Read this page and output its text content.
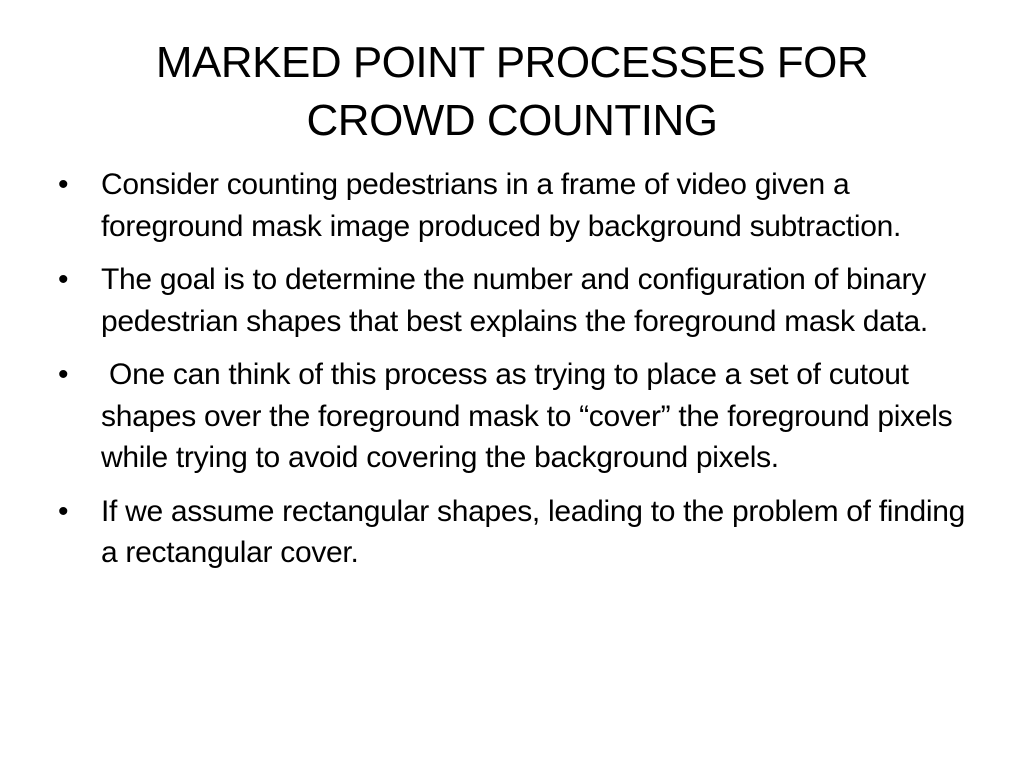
MARKED POINT PROCESSES FOR
CROWD COUNTING
•	Consider counting pedestrians in a frame of video given a foreground mask image produced by background subtraction.
•	The goal is to determine the number and configuration of binary pedestrian shapes that best explains the foreground mask data.
•	One can think of this process as trying to place a set of cutout shapes over the foreground mask to “cover” the foreground pixels while trying to avoid covering the background pixels.
•	If we assume rectangular shapes, leading to the problem of finding a rectangular cover.
